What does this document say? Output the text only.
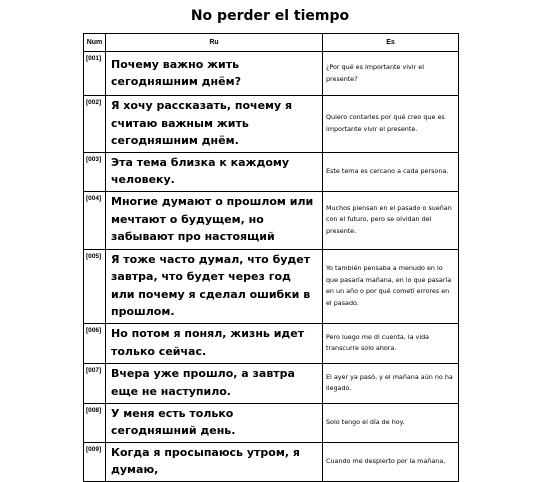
No perder el tiempo
Num	Ru	Es
[001]	Почему важно жить сегодняшним днём?	¿Por qué es importante vivir el presente?
[002]	Я хочу рассказать, почему я считаю важным жить сегодняшним днём.	Quiero contarles por qué creo que es importante vivir el presente.
[003]	Эта тема близка к каждому человеку.	Este tema es cercano a cada persona.
[004]	Многие думают о прошлом или мечтают о будущем, но забывают про настоящий	Muchos piensan en el pasado o sueñan con el futuro, pero se olvidan del presente.
[005]	Я тоже часто думал, что будет завтра, что будет через год или почему я сделал ошибки в прошлом.	Yo también pensaba a menudo en lo que pasaría mañana, en lo que pasaría en un año o por qué cometí errores en el pasado.
[006]	Но потом я понял, жизнь идет только сейчас.	Pero luego me di cuenta, la vida transcurre solo ahora.
[007]	Вчера уже прошло, а завтра еще не наступило.	El ayer ya pasó, y el mañana aún no ha llegado.
[008]	У меня есть только сегодняшний день.	Solo tengo el día de hoy.
[009]	Когда я просыпаюсь утром, я думаю,	Cuando me despierto por la mañana,
